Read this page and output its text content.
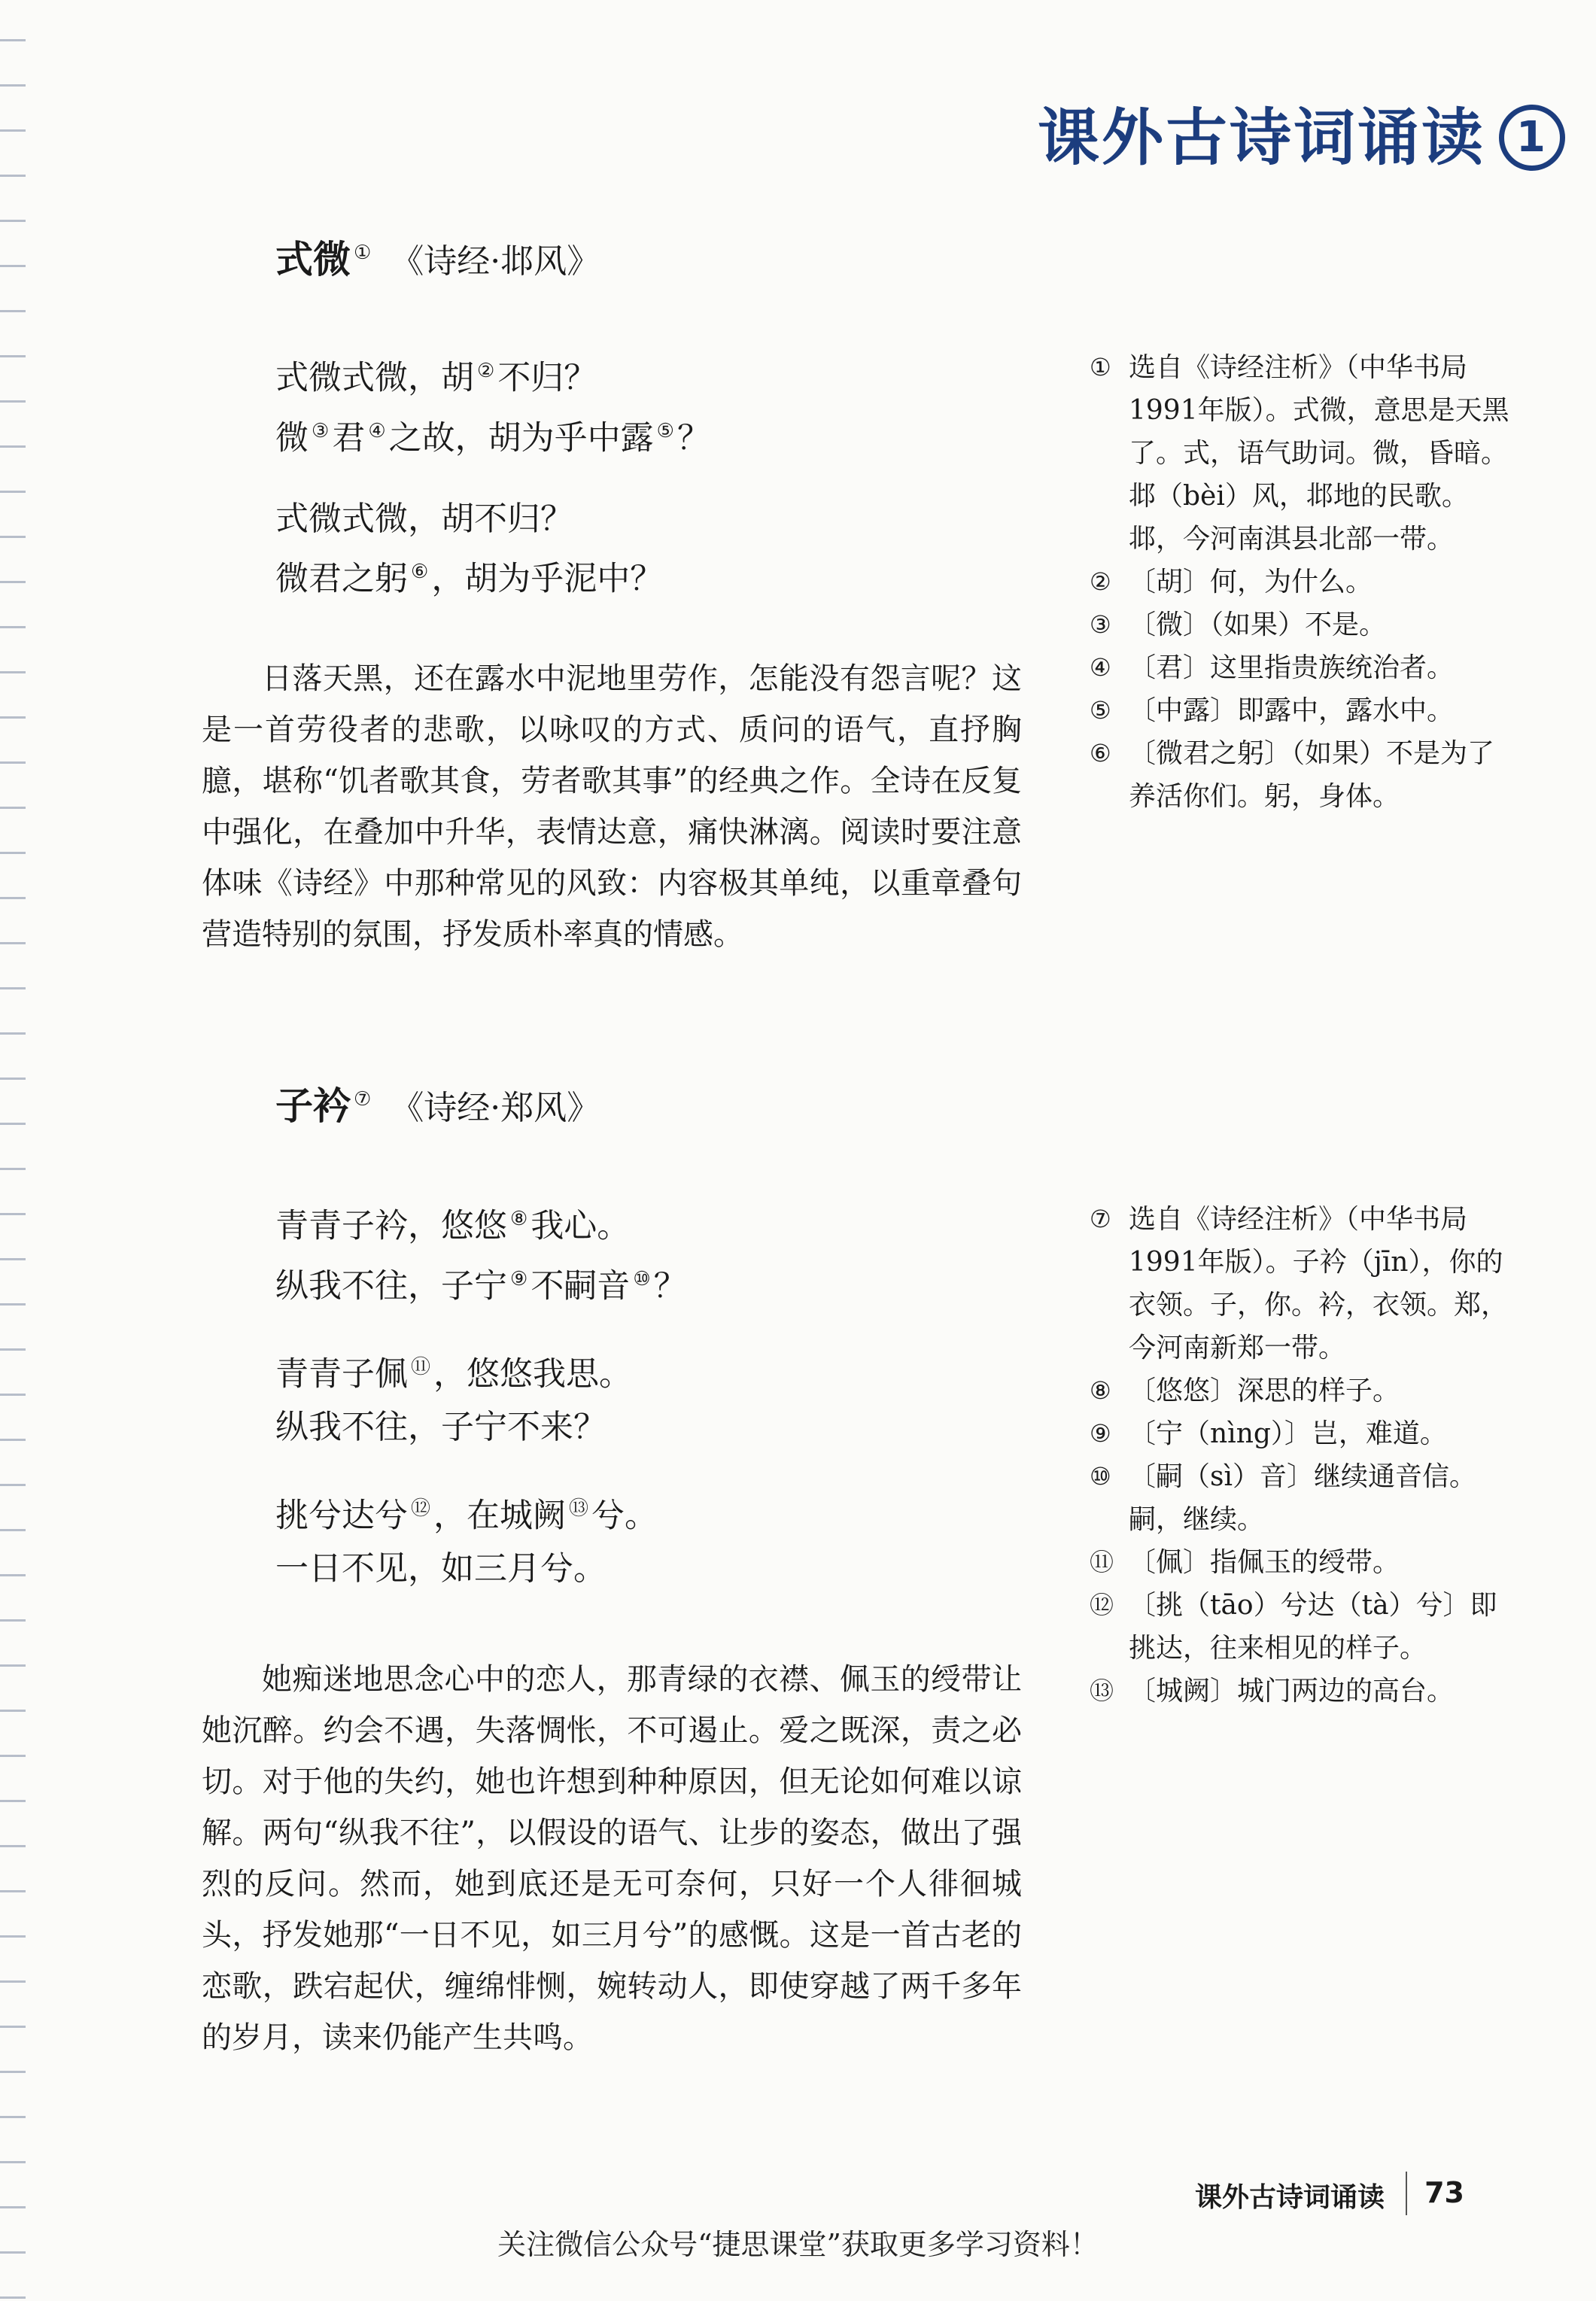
课外古诗词诵读 1
式微 ① 《诗经·邶风》
式微式微，胡 ②不归？
微 ③君 ④之故，胡为乎中露 ⑤？
式微式微，胡不归？
微君之躬 ⑥，胡为乎泥中？
日落天黑，还在露水中泥地里劳作，怎能没有怨言呢？这是一首劳役者的悲歌，以咏叹的方式、质问的语气，直抒胸臆，堪称“饥者歌其食，劳者歌其事”的经典之作。全诗在反复中强化，在叠加中升华，表情达意，痛快淋漓。阅读时要注意体味《诗经》中那种常见的风致：内容极其单纯，以重章叠句营造特别的氛围，抒发质朴率真的情感。
① 选自《诗经注析》（中华书局1991年版）。式微，意思是天黑了。式，语气助词。微，昏暗。邶（bèi）风，邶地的民歌。邶，今河南淇县北部一带。
② 〔胡〕何，为什么。
③ 〔微〕（如果）不是。
④ 〔君〕这里指贵族统治者。
⑤ 〔中露〕即露中，露水中。
⑥ 〔微君之躬〕（如果）不是为了养活你们。躬，身体。
子衿 ⑦ 《诗经·郑风》
青青子衿，悠悠 ⑧我心。
纵我不往，子宁 ⑨不嗣音 ⑩？
青青子佩 ⑪，悠悠我思。
纵我不往，子宁不来？
挑兮达兮 ⑫，在城阙 ⑬兮。
一日不见，如三月兮。
她痴迷地思念心中的恋人，那青绿的衣襟、佩玉的绶带让她沉醉。约会不遇，失落惆怅，不可遏止。爱之既深，责之必切。对于他的失约，她也许想到种种原因，但无论如何难以谅解。两句“纵我不往”，以假设的语气、让步的姿态，做出了强烈的反问。然而，她到底还是无可奈何，只好一个人徘徊城头，抒发她那“一日不见，如三月兮”的感慨。这是一首古老的恋歌，跌宕起伏，缠绵悱恻，婉转动人，即使穿越了两千多年的岁月，读来仍能产生共鸣。
⑦ 选自《诗经注析》（中华书局1991年版）。子衿（jīn），你的衣领。子，你。衿，衣领。郑，今河南新郑一带。
⑧ 〔悠悠〕深思的样子。
⑨ 〔宁（nìng）〕岂，难道。
⑩ 〔嗣（sì）音〕继续通音信。嗣，继续。
⑪ 〔佩〕指佩玉的绶带。
⑫ 〔挑（tāo）兮达（tà）兮〕即挑达，往来相见的样子。
⑬ 〔城阙〕城门两边的高台。
课外古诗词诵读 73
关注微信公众号“捷思课堂”获取更多学习资料！
